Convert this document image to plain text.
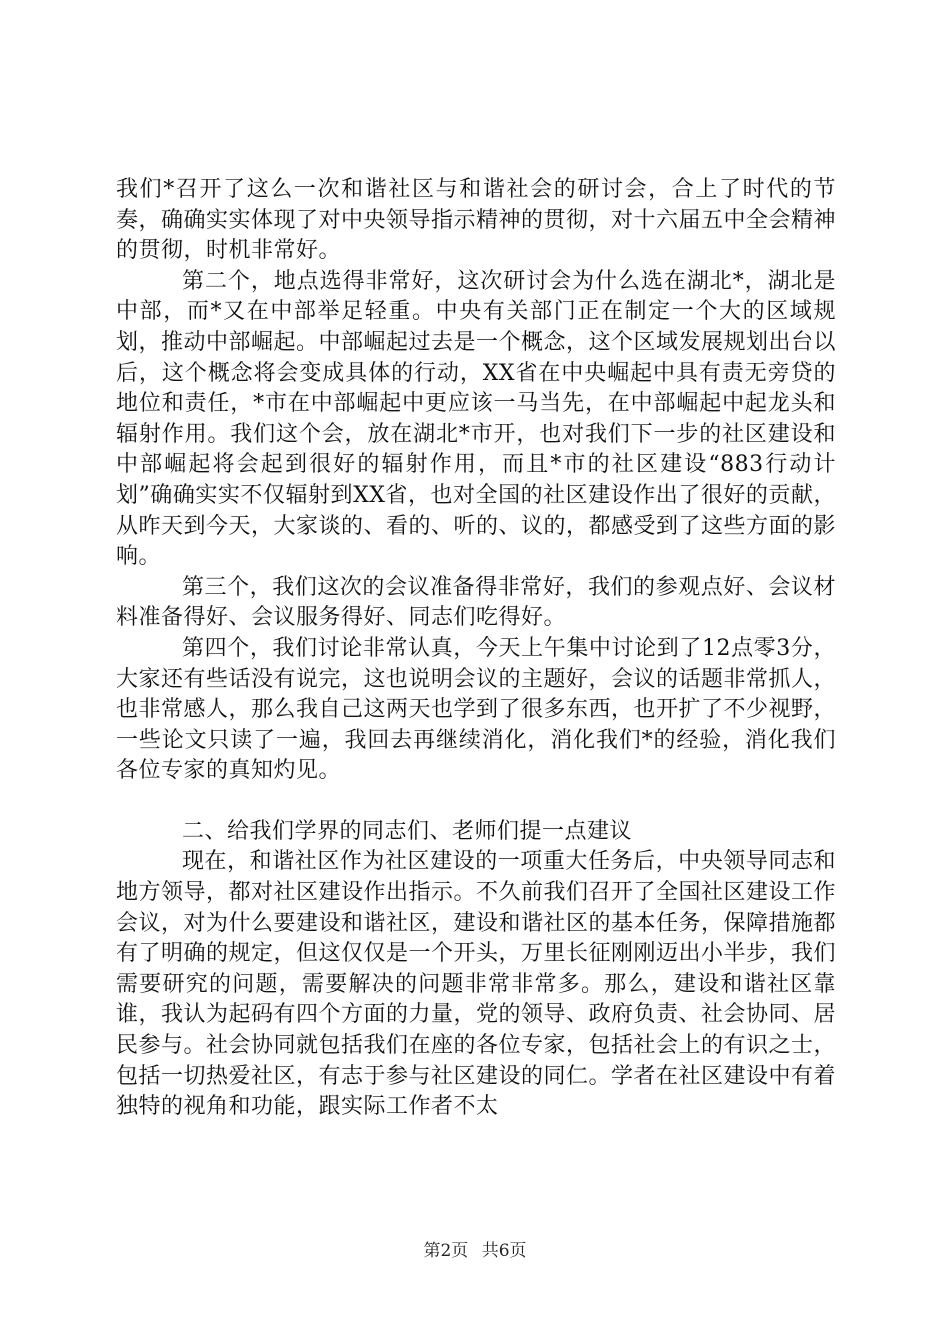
我们*召开了这么一次和谐社区与和谐社会的研讨会，合上了时代的节奏，确确实实体现了对中央领导指示精神的贯彻，对十六届五中全会精神的贯彻，时机非常好。

第二个，地点选得非常好，这次研讨会为什么选在湖北*，湖北是中部，而*又在中部举足轻重。中央有关部门正在制定一个大的区域规划，推动中部崛起。中部崛起过去是一个概念，这个区域发展规划出台以后，这个概念将会变成具体的行动，XX省在中央崛起中具有责无旁贷的地位和责任，*市在中部崛起中更应该一马当先，在中部崛起中起龙头和辐射作用。我们这个会，放在湖北*市开，也对我们下一步的社区建设和中部崛起将会起到很好的辐射作用，而且*市的社区建设“883行动计划”确确实实不仅辐射到XX省，也对全国的社区建设作出了很好的贡献，从昨天到今天，大家谈的、看的、听的、议的，都感受到了这些方面的影响。

第三个，我们这次的会议准备得非常好，我们的参观点好、会议材料准备得好、会议服务得好、同志们吃得好。

第四个，我们讨论非常认真，今天上午集中讨论到了12点零3分，大家还有些话没有说完，这也说明会议的主题好，会议的话题非常抓人，也非常感人，那么我自己这两天也学到了很多东西，也开扩了不少视野，一些论文只读了一遍，我回去再继续消化，消化我们*的经验，消化我们各位专家的真知灼见。

二、给我们学界的同志们、老师们提一点建议

现在，和谐社区作为社区建设的一项重大任务后，中央领导同志和地方领导，都对社区建设作出指示。不久前我们召开了全国社区建设工作会议，对为什么要建设和谐社区，建设和谐社区的基本任务，保障措施都有了明确的规定，但这仅仅是一个开头，万里长征刚刚迈出小半步，我们需要研究的问题，需要解决的问题非常非常多。那么，建设和谐社区靠谁，我认为起码有四个方面的力量，党的领导、政府负责、社会协同、居民参与。社会协同就包括我们在座的各位专家，包括社会上的有识之士，包括一切热爱社区，有志于参与社区建设的同仁。学者在社区建设中有着独特的视角和功能，跟实际工作者不太

第2页 共6页
